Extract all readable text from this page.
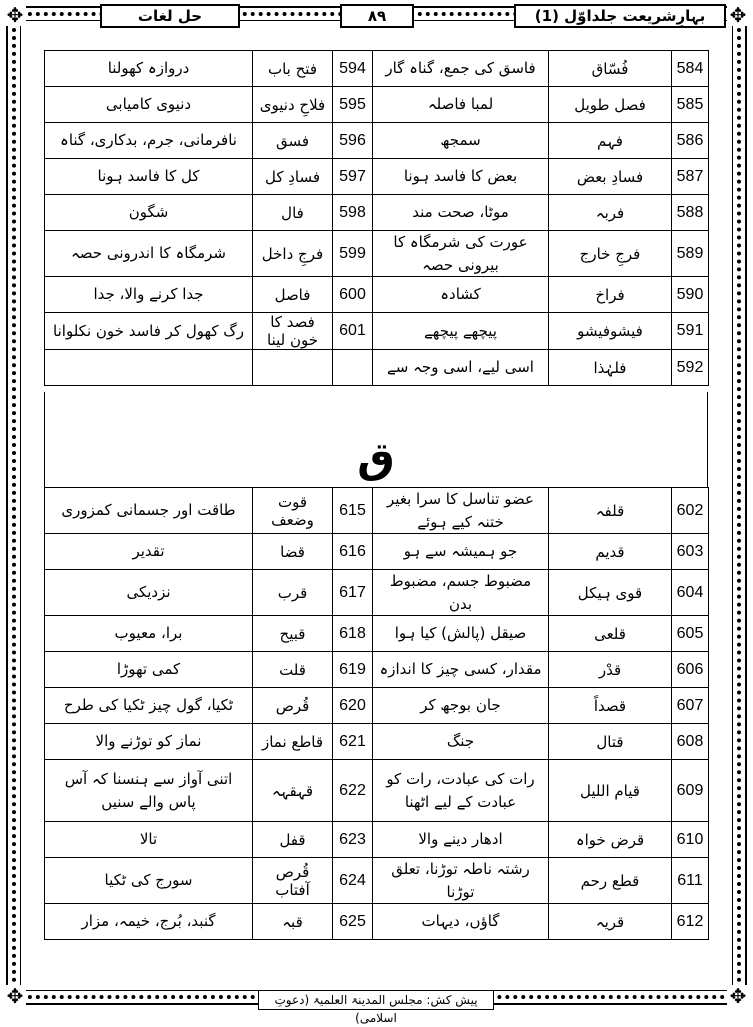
✥	✥
✥	✥
بہارِشریعت جلداوّل (1)
٨٩
حل لغات
584	فُسّاق	فاسق کی جمع، گناہ گار	594	فتح باب	دروازہ کھولنا
585	فصل طویل	لمبا فاصلہ	595	فلاحِ دنیوی	دنیوی کامیابی
586	فہم	سمجھ	596	فسق	نافرمانی، جرم، بدکاری، گناہ
587	فسادِ بعض	بعض کا فاسد ہونا	597	فسادِ کل	کل کا فاسد ہونا
588	فربہ	موٹا، صحت مند	598	فال	شگون
589	فرجِ خارج	عورت کی شرمگاہ کا بیرونی حصہ	599	فرجِ داخل	شرمگاہ کا اندرونی حصہ
590	فراخ	کشادہ	600	فاصل	جدا کرنے والا، جدا
591	فیشوفیشو	پیچھے پیچھے	601	فصد کا خون لینا	رگ کھول کر فاسد خون نکلوانا
592	فلہٰذا	اسی لیے، اسی وجہ سے			
ق
602	قلفہ	عضو تناسل کا سرا بغیر ختنہ کیے ہوئے	615	قوت وضعف	طاقت اور جسمانی کمزوری
603	قدیم	جو ہمیشہ سے ہو	616	قضا	تقدیر
604	قوی ہیکل	مضبوط جسم، مضبوط بدن	617	قرب	نزدیکی
605	قلعی	صیقل (پالش) کیا ہوا	618	قبیح	برا، معیوب
606	قدْر	مقدار، کسی چیز کا اندازہ	619	قلت	کمی تھوڑا
607	قصداً	جان بوجھ کر	620	قُرص	ٹکیا، گول چیز ٹکیا کی طرح
608	قتال	جنگ	621	قاطع نماز	نماز کو توڑنے والا
609	قیام اللیل	رات کی عبادت، رات کو عبادت کے لیے اٹھنا	622	قہقہہ	اتنی آواز سے ہنسنا کہ آس پاس والے سنیں
610	قرض خواہ	ادھار دینے والا	623	قفل	تالا
611	قطع رحم	رشتہ ناطہ توڑنا، تعلق توڑنا	624	قُرص آفتاب	سورج کی ٹکیا
612	قریہ	گاؤں، دیہات	625	قبہ	گنبد، بُرج، خیمہ، مزار
پیش کش: مجلس المدینۃ العلمیۃ (دعوتِ اسلامی)
